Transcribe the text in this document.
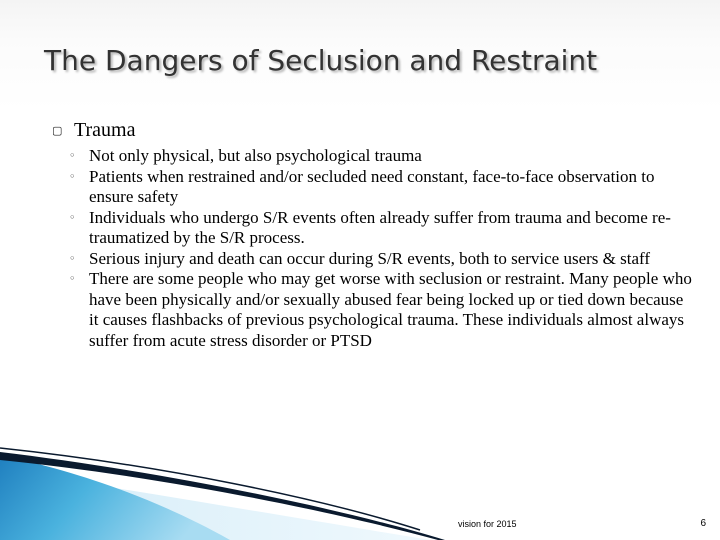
The Dangers of Seclusion and Restraint
▢ Trauma
◦ Not only physical, but also psychological trauma
◦ Patients when restrained and/or secluded need constant, face-to-face observation to ensure safety
◦ Individuals who undergo S/R events often already suffer from trauma and become re-traumatized by the S/R process.
◦ Serious injury and death can occur during S/R events, both to service users & staff
◦ There are some people who may get worse with seclusion or restraint. Many people who have been physically and/or sexually abused fear being locked up or tied down because it causes flashbacks of previous psychological trauma. These individuals almost always suffer from acute stress disorder or PTSD
vision for 2015	6
